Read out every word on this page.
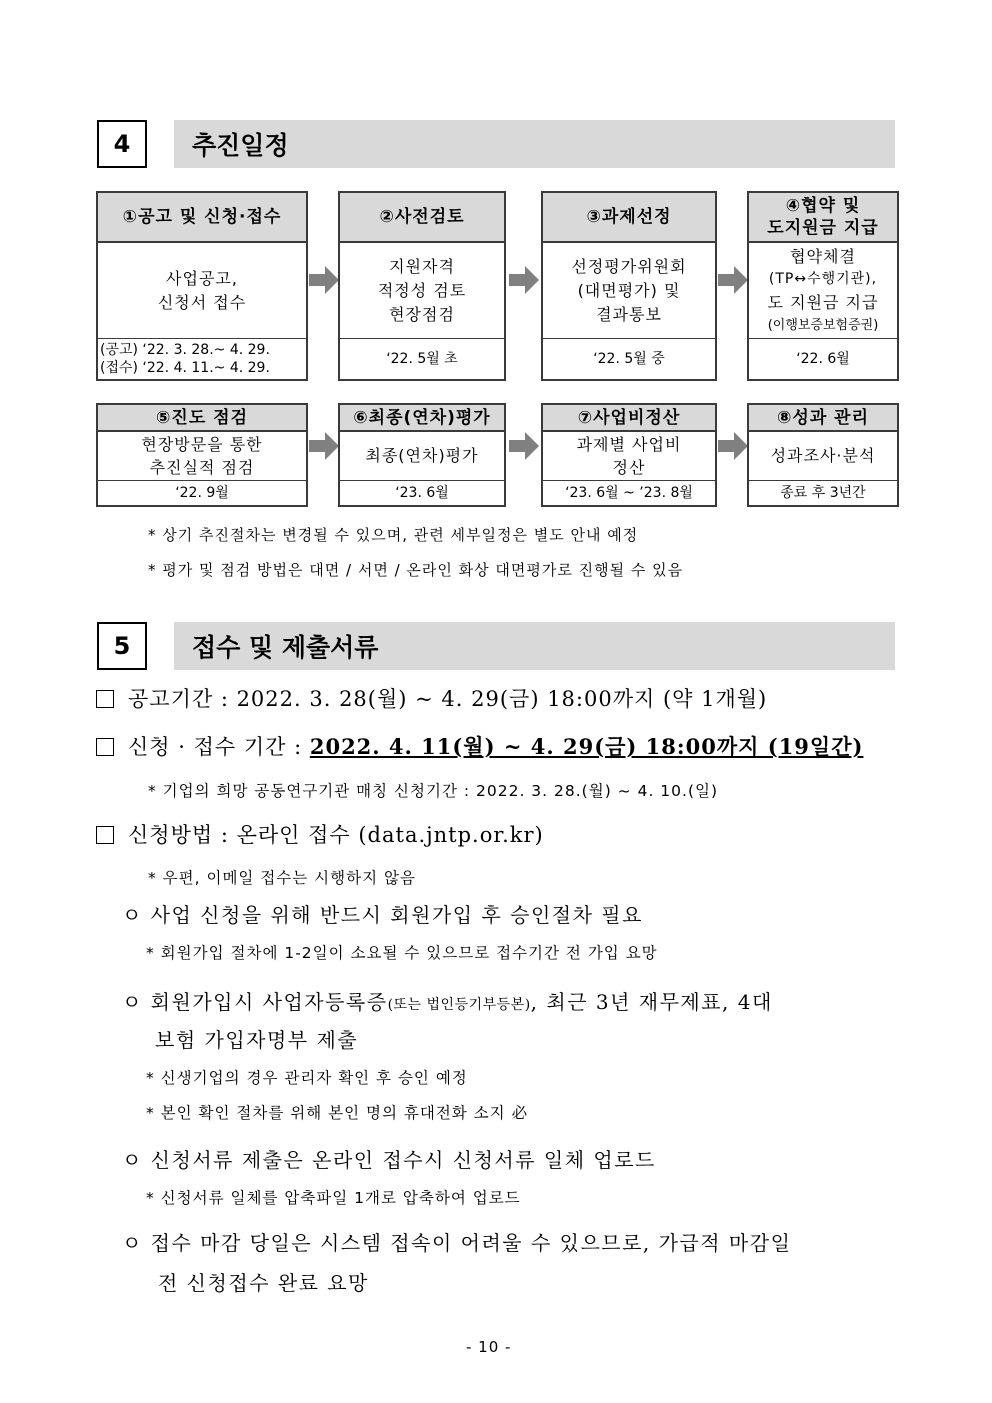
4	추진일정
①공고 및 신청·접수
사업공고,
신청서 접수
(공고) ‘22. 3. 28.~ 4. 29.
(접수) ‘22. 4. 11.~ 4. 29.
②사전검토
지원자격
적정성 검토
현장점검
‘22. 5월 초
③과제선정
선정평가위원회
(대면평가) 및
결과통보
‘22. 5월 중
④협약 및
도지원금 지급
협약체결
(TP↔수행기관),
도 지원금 지급
(이행보증보험증권)
‘22. 6월
⑤진도 점검
현장방문을 통한
추진실적 점검
‘22. 9월
⑥최종(연차)평가
최종(연차)평가
‘23. 6월
⑦사업비정산
과제별 사업비
정산
‘23. 6월 ~ ’23. 8월
⑧성과 관리
성과조사·분석
종료 후 3년간
* 상기 추진절차는 변경될 수 있으며, 관련 세부일정은 별도 안내 예정
* 평가 및 점검 방법은 대면 / 서면 / 온라인 화상 대면평가로 진행될 수 있음
5	접수 및 제출서류
공고기간 : 2022. 3. 28(월) ~ 4. 29(금) 18:00까지 (약 1개월)
신청 · 접수 기간 : 2022. 4. 11(월) ~ 4. 29(금) 18:00까지 (19일간)
* 기업의 희망 공동연구기관 매칭 신청기간 : 2022. 3. 28.(월) ~ 4. 10.(일)
신청방법 : 온라인 접수 (data.jntp.or.kr)
* 우편, 이메일 접수는 시행하지 않음
ㅇ 사업 신청을 위해 반드시 회원가입 후 승인절차 필요
* 회원가입 절차에 1-2일이 소요될 수 있으므로 접수기간 전 가입 요망
ㅇ 회원가입시 사업자등록증(또는 법인등기부등본), 최근 3년 재무제표, 4대
보험 가입자명부 제출
* 신생기업의 경우 관리자 확인 후 승인 예정
* 본인 확인 절차를 위해 본인 명의 휴대전화 소지 必
ㅇ 신청서류 제출은 온라인 접수시 신청서류 일체 업로드
* 신청서류 일체를 압축파일 1개로 압축하여 업로드
ㅇ 접수 마감 당일은 시스템 접속이 어려울 수 있으므로, 가급적 마감일
전 신청접수 완료 요망
- 10 -
